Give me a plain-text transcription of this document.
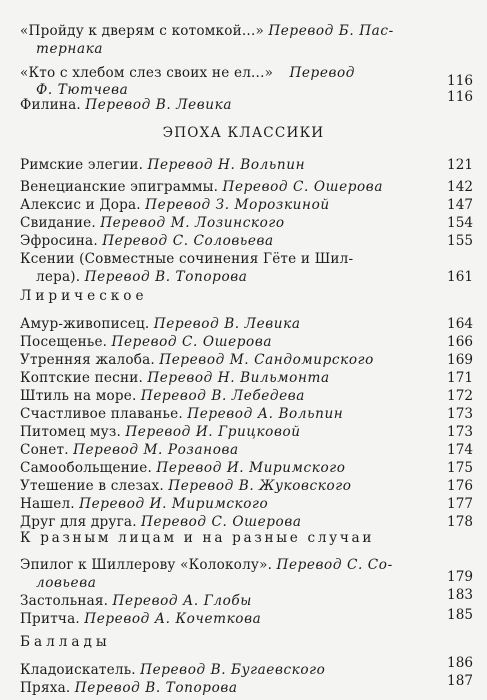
«Пройду к дверям с котомкой...» Перевод Б. Пас-
тернака
«Кто с хлебом слез своих не ел...» Перевод	116
Ф. Тютчева
Филина. Перевод В. Левика	116
ЭПОХА КЛАССИКИ
Римские элегии. Перевод Н. Вольпин	121
Венецианские эпиграммы. Перевод С. Ошерова	142
Алексис и Дора. Перевод З. Морозкиной	147
Свидание. Перевод М. Лозинского	154
Эфросина. Перевод С. Соловьева	155
Ксении (Совместные сочинения Гёте и Шил-
лера). Перевод В. Топорова	161
Лирическое
Амур-живописец. Перевод В. Левика	164
Посещенье. Перевод С. Ошерова	166
Утренняя жалоба. Перевод М. Сандомирского	169
Коптские песни. Перевод Н. Вильмонта	171
Штиль на море. Перевод В. Лебедева	172
Счастливое плаванье. Перевод А. Вольпин	173
Питомец муз. Перевод И. Грицковой	173
Сонет. Перевод М. Розанова	174
Самообольщение. Перевод И. Миримского	175
Утешение в слезах. Перевод В. Жуковского	176
Нашел. Перевод И. Миримского	177
Друг для друга. Перевод С. Ошерова	178
К разным лицам и на разные случаи
Эпилог к Шиллерову «Колоколу». Перевод С. Со-
ловьева	179
Застольная. Перевод А. Глобы	183
Притча. Перевод А. Кочеткова	185
Баллады
Кладоискатель. Перевод В. Бугаевского	186
Пряха. Перевод В. Топорова	187
